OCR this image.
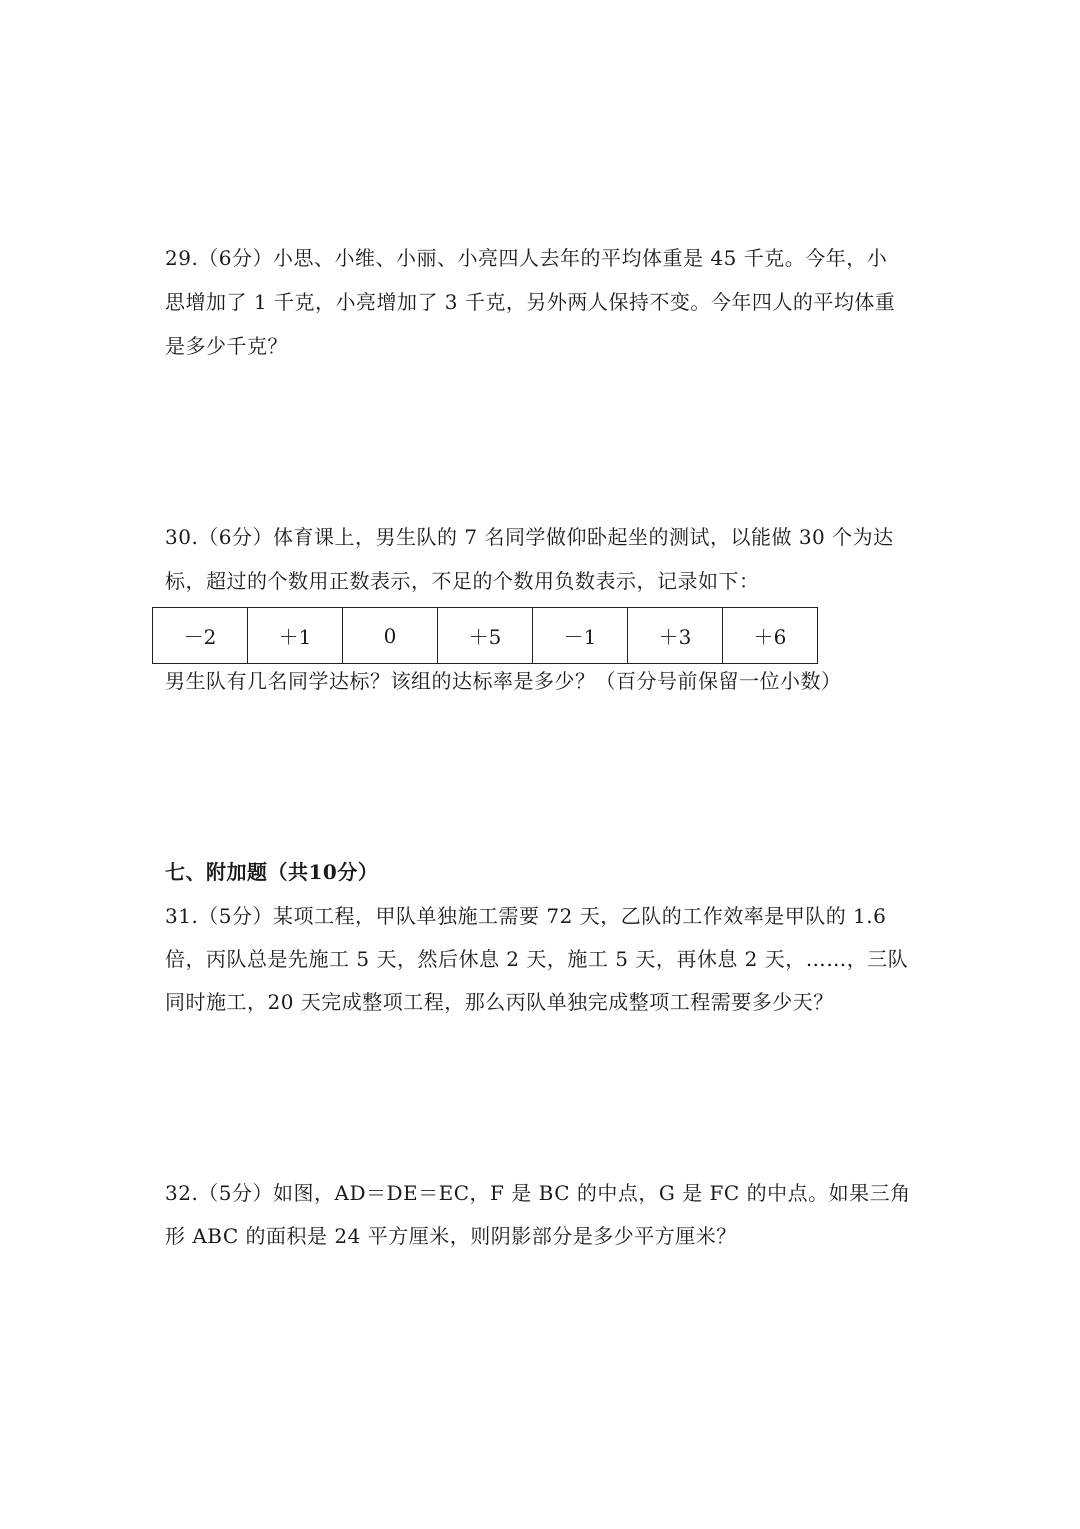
29.（6分）小思、小维、小丽、小亮四人去年的平均体重是 45 千克。今年，小
思增加了 1 千克，小亮增加了 3 千克，另外两人保持不变。今年四人的平均体重
是多少千克？
30.（6分）体育课上，男生队的 7 名同学做仰卧起坐的测试，以能做 30 个为达
标，超过的个数用正数表示，不足的个数用负数表示，记录如下：
－2	＋1	0	＋5	－1	＋3	＋6
男生队有几名同学达标？该组的达标率是多少？（百分号前保留一位小数）
七、附加题（共10分）
31.（5分）某项工程，甲队单独施工需要 72 天，乙队的工作效率是甲队的 1.6
倍，丙队总是先施工 5 天，然后休息 2 天，施工 5 天，再休息 2 天，……，三队
同时施工，20 天完成整项工程，那么丙队单独完成整项工程需要多少天？
32.（5分）如图，AD＝DE＝EC，F 是 BC 的中点，G 是 FC 的中点。如果三角
形 ABC 的面积是 24 平方厘米，则阴影部分是多少平方厘米？
